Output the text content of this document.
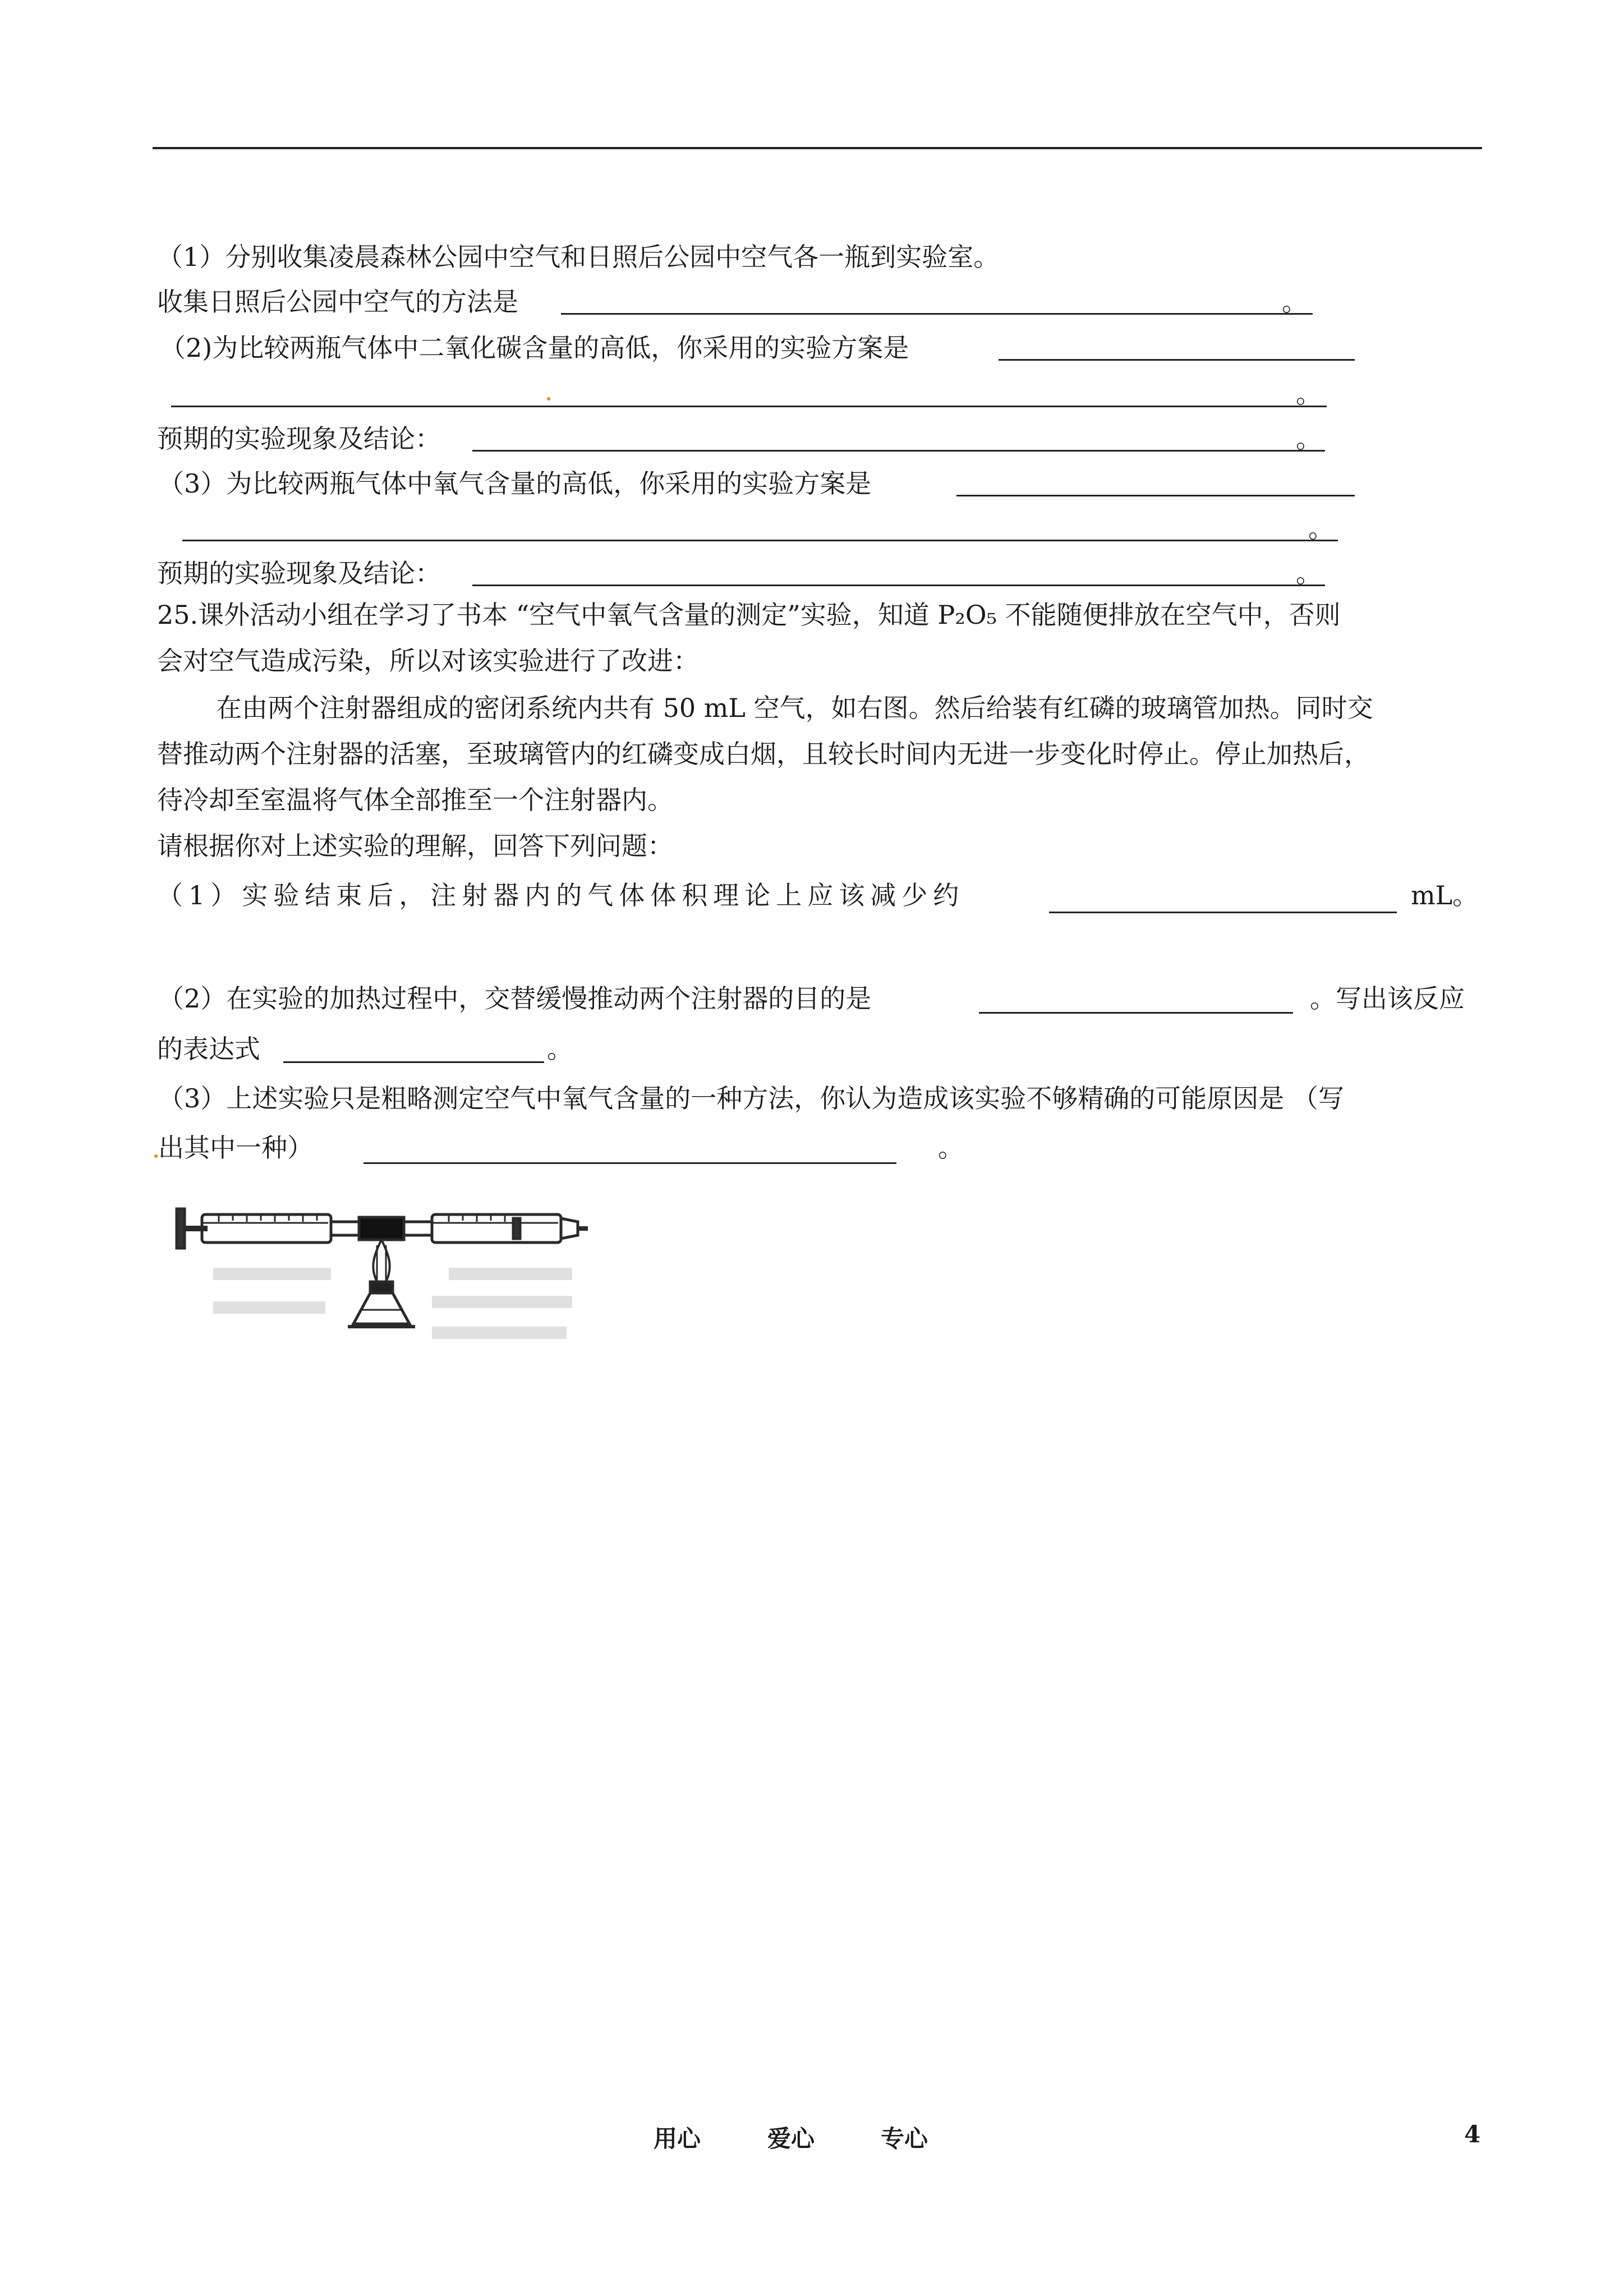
（1）分别收集凌晨森林公园中空气和日照后公园中空气各一瓶到实验室。
收集日照后公园中空气的方法是	。
（2)为比较两瓶气体中二氧化碳含量的高低，你采用的实验方案是
。
预期的实验现象及结论：	。
（3）为比较两瓶气体中氧气含量的高低，你采用的实验方案是
。
预期的实验现象及结论：	。
25.课外活动小组在学习了书本 “空气中氧气含量的测定”实验，知道 P₂O₅ 不能随便排放在空气中，否则
会对空气造成污染，所以对该实验进行了改进：
在由两个注射器组成的密闭系统内共有 50 mL 空气，如右图。然后给装有红磷的玻璃管加热。同时交
替推动两个注射器的活塞，至玻璃管内的红磷变成白烟，且较长时间内无进一步变化时停止。停止加热后，
待冷却至室温将气体全部推至一个注射器内。
请根据你对上述实验的理解，回答下列问题：
（1）实验结束后，注射器内的气体体积理论上应该减少约	mL。
（2）在实验的加热过程中，交替缓慢推动两个注射器的目的是	。写出该反应
的表达式	。
（3）上述实验只是粗略测定空气中氧气含量的一种方法，你认为造成该实验不够精确的可能原因是 （写
出其中一种）	。
用心	爱心	专心	4
